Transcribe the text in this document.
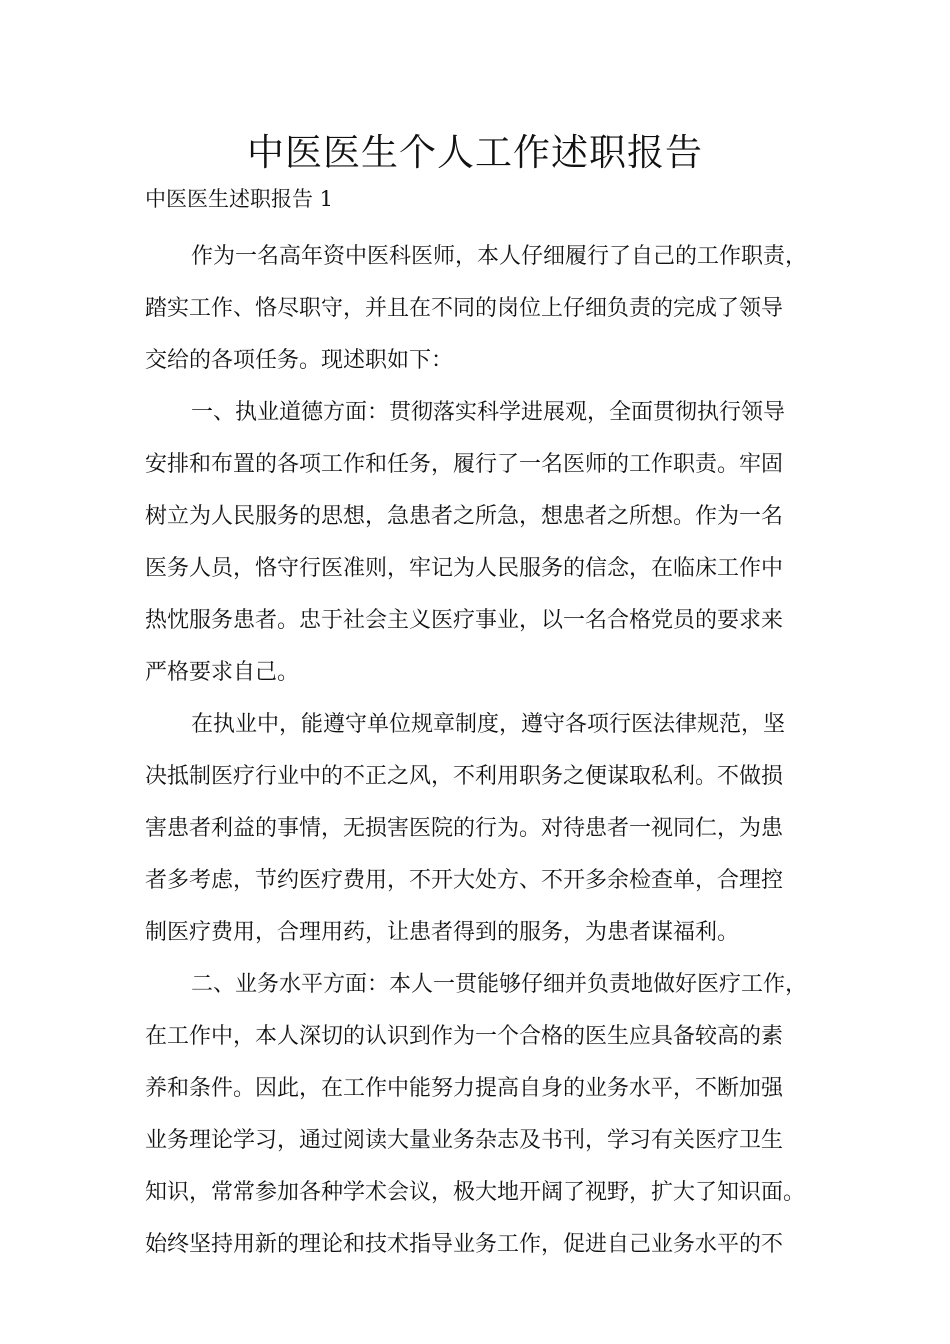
中医医生个人工作述职报告
中医医生述职报告 1
作为一名高年资中医科医师，本人仔细履行了自己的工作职责，
踏实工作、恪尽职守，并且在不同的岗位上仔细负责的完成了领导
交给的各项任务。现述职如下：
一、执业道德方面：贯彻落实科学进展观，全面贯彻执行领导
安排和布置的各项工作和任务，履行了一名医师的工作职责。牢固
树立为人民服务的思想，急患者之所急，想患者之所想。作为一名
医务人员，恪守行医准则，牢记为人民服务的信念，在临床工作中
热忱服务患者。忠于社会主义医疗事业，以一名合格党员的要求来
严格要求自己。
在执业中，能遵守单位规章制度，遵守各项行医法律规范，坚
决抵制医疗行业中的不正之风，不利用职务之便谋取私利。不做损
害患者利益的事情，无损害医院的行为。对待患者一视同仁，为患
者多考虑，节约医疗费用，不开大处方、不开多余检查单，合理控
制医疗费用，合理用药，让患者得到的服务，为患者谋福利。
二、业务水平方面：本人一贯能够仔细并负责地做好医疗工作，
在工作中，本人深切的认识到作为一个合格的医生应具备较高的素
养和条件。因此，在工作中能努力提高自身的业务水平，不断加强
业务理论学习，通过阅读大量业务杂志及书刊，学习有关医疗卫生
知识，常常参加各种学术会议，极大地开阔了视野，扩大了知识面。
始终坚持用新的理论和技术指导业务工作，促进自己业务水平的不
